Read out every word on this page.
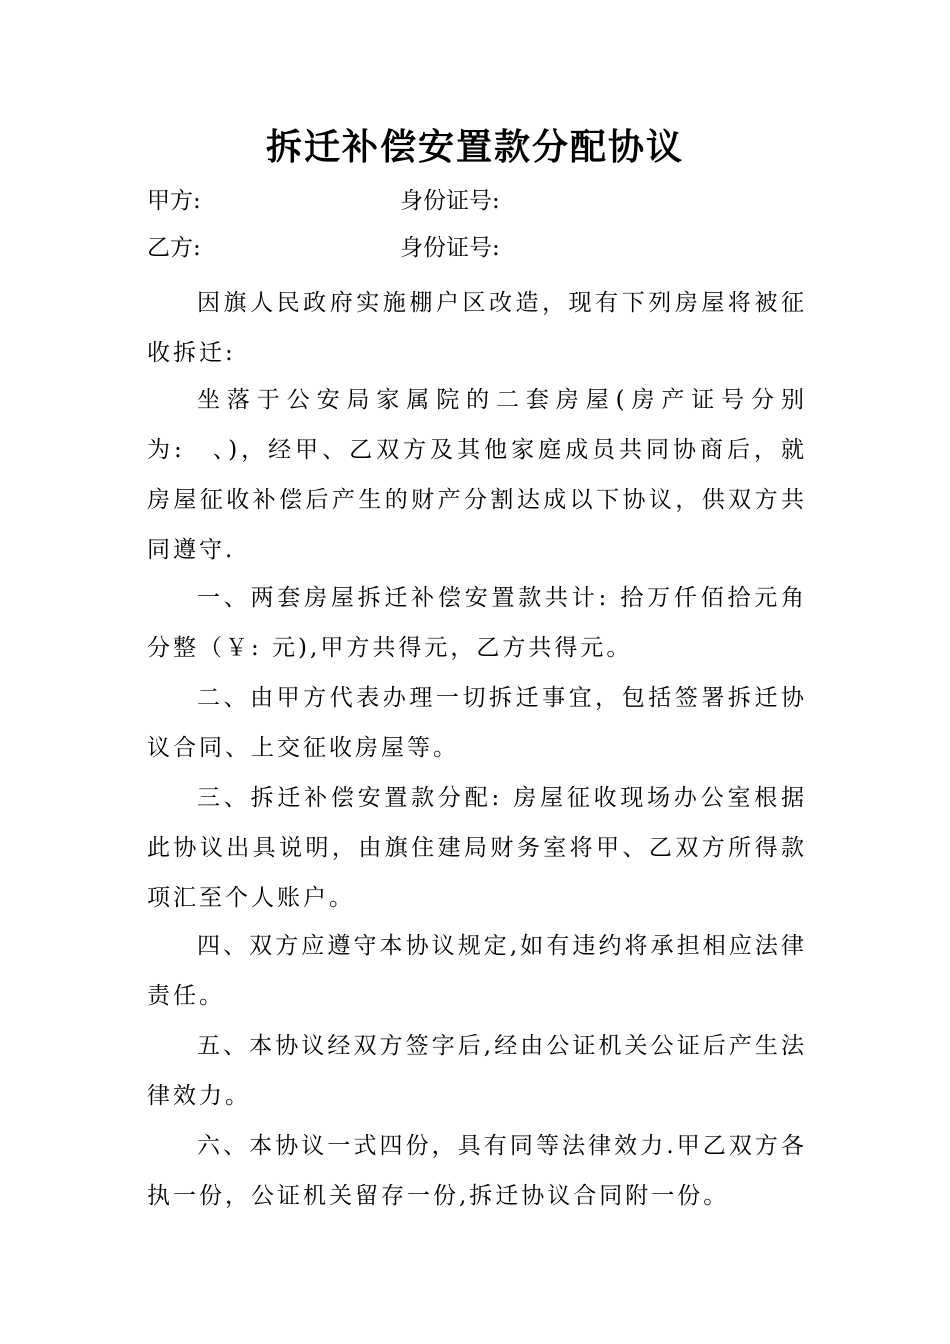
拆迁补偿安置款分配协议
甲方:	身份证号:
乙方:	身份证号:
因旗人民政府实施棚户区改造，现有下列房屋将被征收拆迁:
坐落于公安局家属院的二套房屋(房产证号分别为:　、)，经甲、乙双方及其他家庭成员共同协商后，就房屋征收补偿后产生的财产分割达成以下协议，供双方共同遵守.
一、两套房屋拆迁补偿安置款共计: 拾万仟佰拾元角分整（￥: 元),甲方共得元，乙方共得元。
二、由甲方代表办理一切拆迁事宜，包括签署拆迁协议合同、上交征收房屋等。
三、拆迁补偿安置款分配: 房屋征收现场办公室根据此协议出具说明，由旗住建局财务室将甲、乙双方所得款项汇至个人账户。
四、双方应遵守本协议规定,如有违约将承担相应法律责任。
五、本协议经双方签字后,经由公证机关公证后产生法律效力。
六、本协议一式四份，具有同等法律效力.甲乙双方各执一份，公证机关留存一份,拆迁协议合同附一份。
